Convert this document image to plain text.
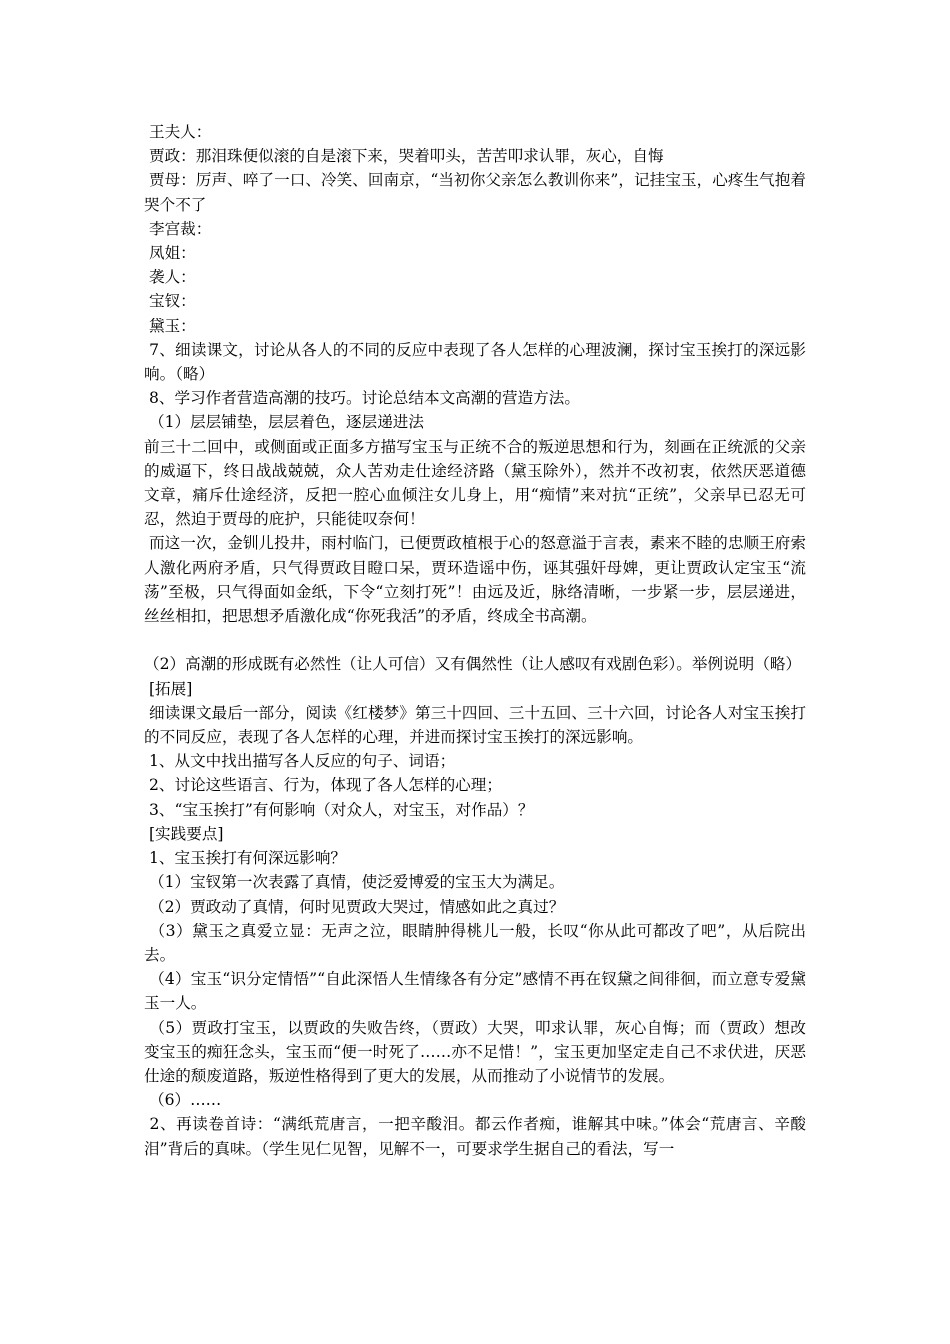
王夫人：

贾政：那泪珠便似滚的自是滚下来，哭着叩头，苦苦叩求认罪，灰心，自悔

贾母：厉声、啐了一口、冷笑、回南京，“当初你父亲怎么教训你来”，记挂宝玉，心疼生气抱着哭个不了

李宫裁：

凤姐：

袭人：

宝钗：

黛玉：

7、细读课文，讨论从各人的不同的反应中表现了各人怎样的心理波澜，探讨宝玉挨打的深远影响。（略）

8、学习作者营造高潮的技巧。讨论总结本文高潮的营造方法。

（1）层层铺垫，层层着色，逐层递进法

前三十二回中，或侧面或正面多方描写宝玉与正统不合的叛逆思想和行为，刻画在正统派的父亲的威逼下，终日战战兢兢，众人苦劝走仕途经济路（黛玉除外），然并不改初衷，依然厌恶道德文章，痛斥仕途经济，反把一腔心血倾注女儿身上，用“痴情”来对抗“正统”，父亲早已忍无可忍，然迫于贾母的庇护，只能徒叹奈何！

而这一次，金钏儿投井，雨村临门，已便贾政植根于心的怒意溢于言表，素来不睦的忠顺王府索人激化两府矛盾，只气得贾政目瞪口呆，贾环造谣中伤，诬其强奸母婢，更让贾政认定宝玉“流荡”至极，只气得面如金纸，下令“立刻打死”！由远及近，脉络清晰，一步紧一步，层层递进，丝丝相扣，把思想矛盾激化成“你死我活”的矛盾，终成全书高潮。

（2）高潮的形成既有必然性（让人可信）又有偶然性（让人感叹有戏剧色彩）。举例说明（略）

[拓展]

细读课文最后一部分，阅读《红楼梦》第三十四回、三十五回、三十六回，讨论各人对宝玉挨打的不同反应，表现了各人怎样的心理，并进而探讨宝玉挨打的深远影响。

1、从文中找出描写各人反应的句子、词语；

2、讨论这些语言、行为，体现了各人怎样的心理；

3、“宝玉挨打”有何影响（对众人，对宝玉，对作品）？

[实践要点]

1、宝玉挨打有何深远影响？

（1）宝钗第一次表露了真情，使泛爱博爱的宝玉大为满足。

（2）贾政动了真情，何时见贾政大哭过，情感如此之真过？

（3）黛玉之真爱立显：无声之泣，眼睛肿得桃儿一般，长叹“你从此可都改了吧”，从后院出去。

（4）宝玉“识分定情悟”“自此深悟人生情缘各有分定”感情不再在钗黛之间徘徊，而立意专爱黛玉一人。

（5）贾政打宝玉，以贾政的失败告终，（贾政）大哭，叩求认罪，灰心自悔；而（贾政）想改变宝玉的痴狂念头，宝玉而“便一时死了……亦不足惜！”，宝玉更加坚定走自己不求伏进，厌恶仕途的颓废道路，叛逆性格得到了更大的发展，从而推动了小说情节的发展。

（6）……

2、再读卷首诗：“满纸荒唐言，一把辛酸泪。都云作者痴，谁解其中味。”体会“荒唐言、辛酸泪”背后的真味。（学生见仁见智，见解不一，可要求学生据自己的看法，写一
